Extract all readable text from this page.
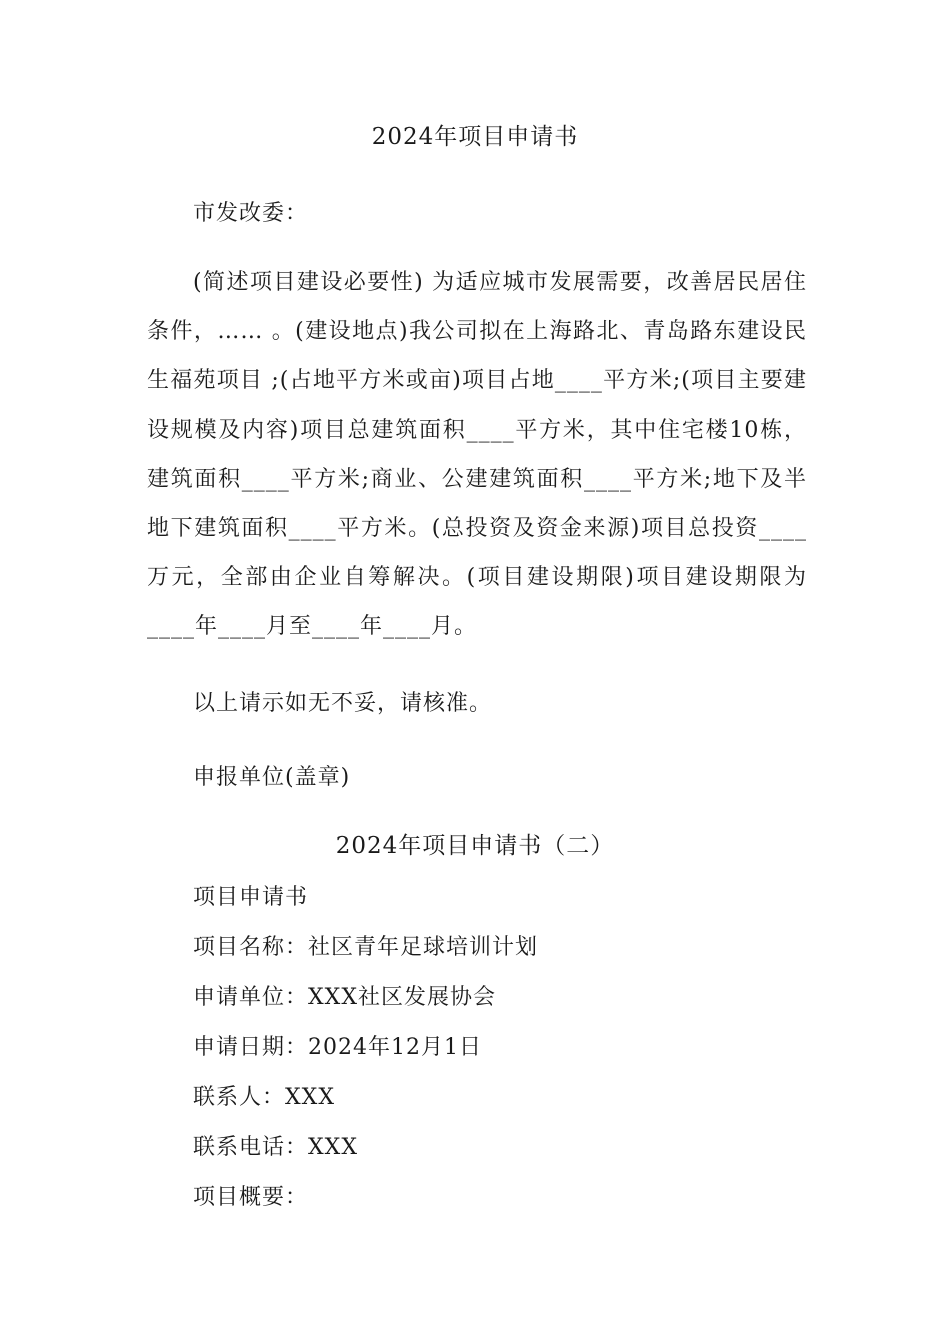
2024年项目申请书
市发改委：
(简述项目建设必要性) 为适应城市发展需要，改善居民居住条件，…… 。(建设地点)我公司拟在上海路北、青岛路东建设民生福苑项目 ;(占地平方米或亩)项目占地____平方米;(项目主要建设规模及内容)项目总建筑面积____平方米，其中住宅楼10栋，建筑面积____平方米;商业、公建建筑面积____平方米;地下及半地下建筑面积____平方米。(总投资及资金来源)项目总投资____万元，全部由企业自筹解决。(项目建设期限)项目建设期限为____年____月至____年____月。
以上请示如无不妥，请核准。
申报单位(盖章)
2024年项目申请书（二）
项目申请书
项目名称：社区青年足球培训计划
申请单位：XXX社区发展协会
申请日期：2024年12月1日
联系人：XXX
联系电话：XXX
项目概要：
